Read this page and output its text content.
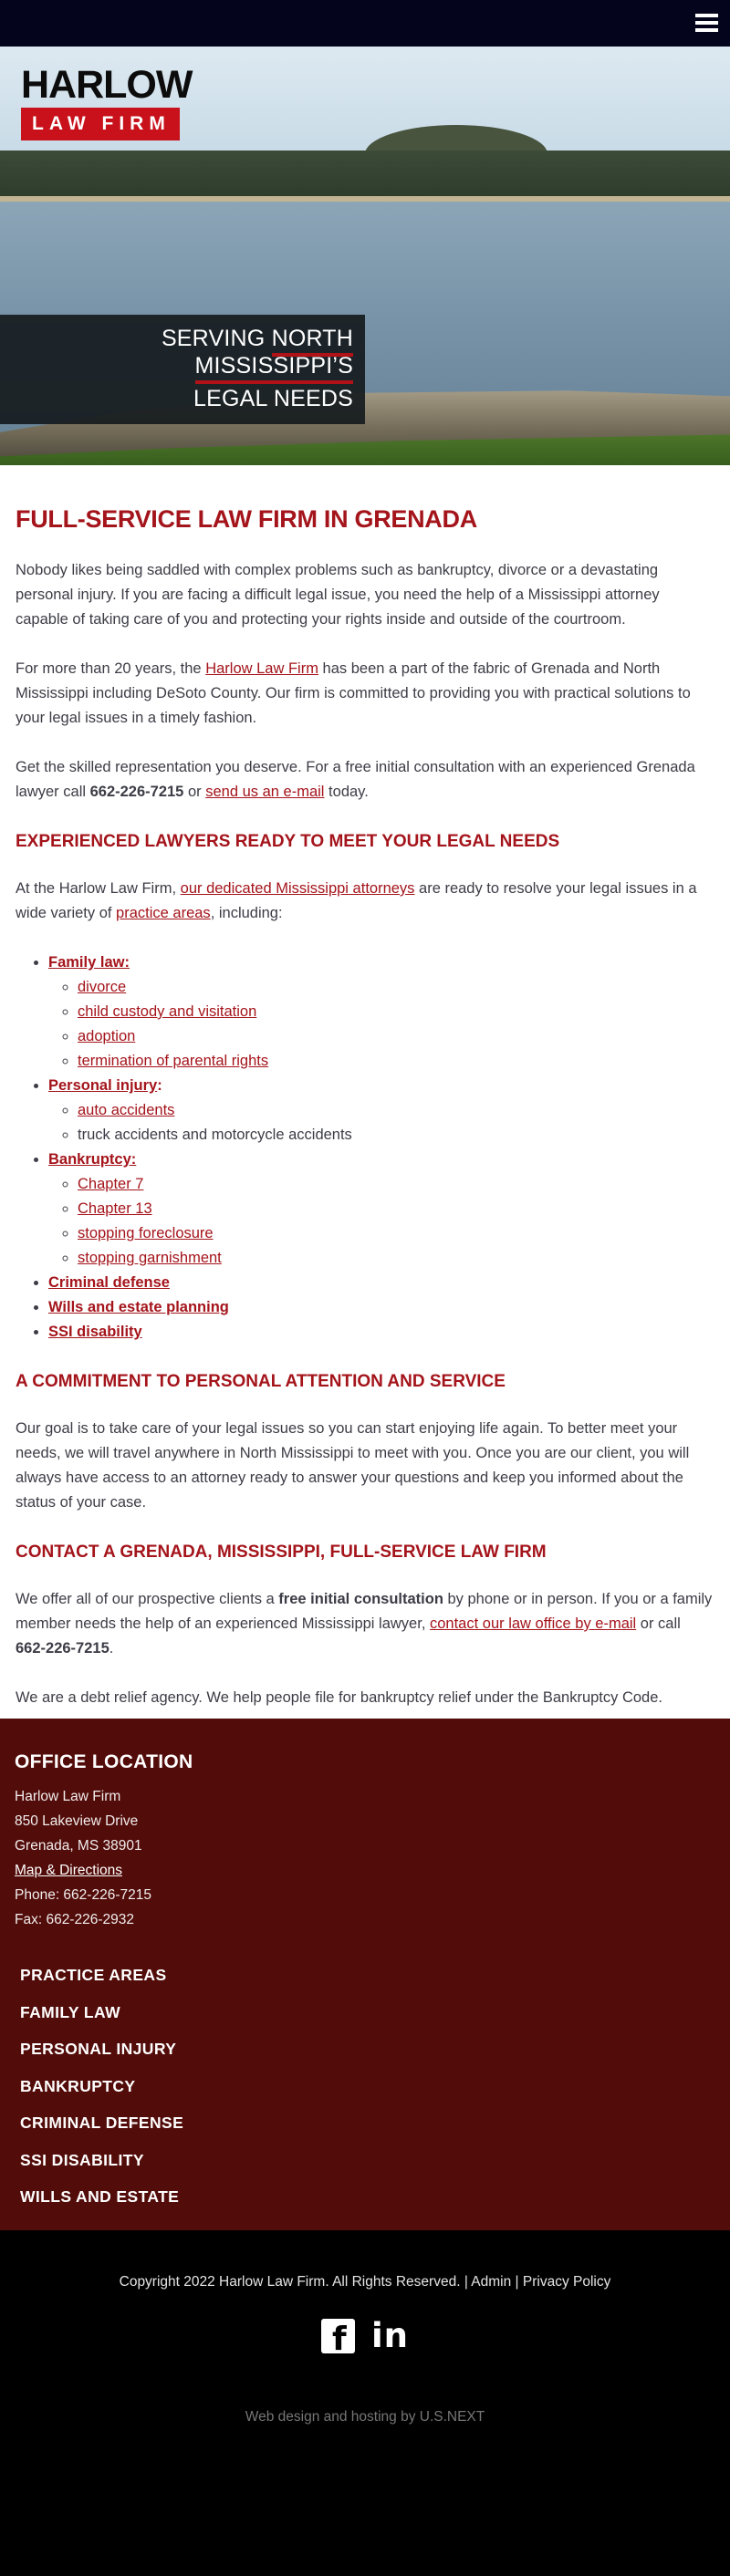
HARLOW
LAW FIRM
SERVING NORTH MISSISSIPPI’S
LEGAL NEEDS
FULL-SERVICE LAW FIRM IN GRENADA

Nobody likes being saddled with complex problems such as bankruptcy, divorce or a devastating personal injury. If you are facing a difficult legal issue, you need the help of a Mississippi attorney capable of taking care of you and protecting your rights inside and outside of the courtroom.

For more than 20 years, the Harlow Law Firm has been a part of the fabric of Grenada and North Mississippi including DeSoto County. Our firm is committed to providing you with practical solutions to your legal issues in a timely fashion.

Get the skilled representation you deserve. For a free initial consultation with an experienced Grenada lawyer call 662-226-7215 or send us an e-mail today.

EXPERIENCED LAWYERS READY TO MEET YOUR LEGAL NEEDS

At the Harlow Law Firm, our dedicated Mississippi attorneys are ready to resolve your legal issues in a wide variety of practice areas, including:

• Family law:
◦ divorce
◦ child custody and visitation
◦ adoption
◦ termination of parental rights
• Personal injury:
◦ auto accidents
◦ truck accidents and motorcycle accidents
• Bankruptcy:
◦ Chapter 7
◦ Chapter 13
◦ stopping foreclosure
◦ stopping garnishment
• Criminal defense
• Wills and estate planning
• SSI disability
A COMMITMENT TO PERSONAL ATTENTION AND SERVICE

Our goal is to take care of your legal issues so you can start enjoying life again. To better meet your needs, we will travel anywhere in North Mississippi to meet with you. Once you are our client, you will always have access to an attorney ready to answer your questions and keep you informed about the status of your case.

CONTACT A GRENADA, MISSISSIPPI, FULL-SERVICE LAW FIRM

We offer all of our prospective clients a free initial consultation by phone or in person. If you or a family member needs the help of an experienced Mississippi lawyer, contact our law office by e-mail or call 662-226-7215.

We are a debt relief agency. We help people file for bankruptcy relief under the Bankruptcy Code.

OFFICE LOCATION
Harlow Law Firm
850 Lakeview Drive
Grenada, MS 38901
Map & Directions
Phone: 662-226-7215
Fax: 662-226-2932
PRACTICE AREAS
FAMILY LAW
PERSONAL INJURY
BANKRUPTCY
CRIMINAL DEFENSE
SSI DISABILITY
WILLS AND ESTATE
Copyright 2022 Harlow Law Firm. All Rights Reserved. | Admin | Privacy Policy
f in
Web design and hosting by U.S.NEXT
